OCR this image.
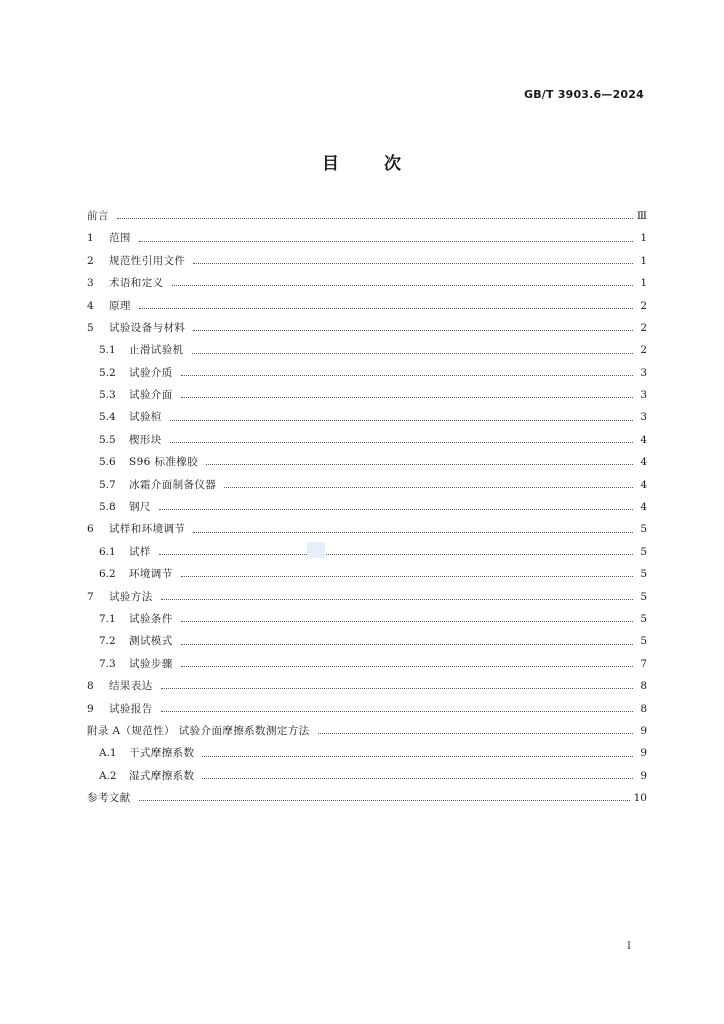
GB/T 3903.6—2024
目	次
前言	Ⅲ
1	范围	1
2	规范性引用文件	1
3	术语和定义	1
4	原理	2
5	试验设备与材料	2
5.1	止滑试验机	2
5.2	试验介质	3
5.3	试验介面	3
5.4	试验楦	3
5.5	楔形块	4
5.6	S96 标准橡胶	4
5.7	冰霜介面制备仪器	4
5.8	钢尺	4
6	试样和环境调节	5
6.1	试样	5
6.2	环境调节	5
7	试验方法	5
7.1	试验条件	5
7.2	测试模式	5
7.3	试验步骤	7
8	结果表达	8
9	试验报告	8
附录 A（规范性） 试验介面摩擦系数测定方法	9
A.1	干式摩擦系数	9
A.2	湿式摩擦系数	9
参考文献	10
I
